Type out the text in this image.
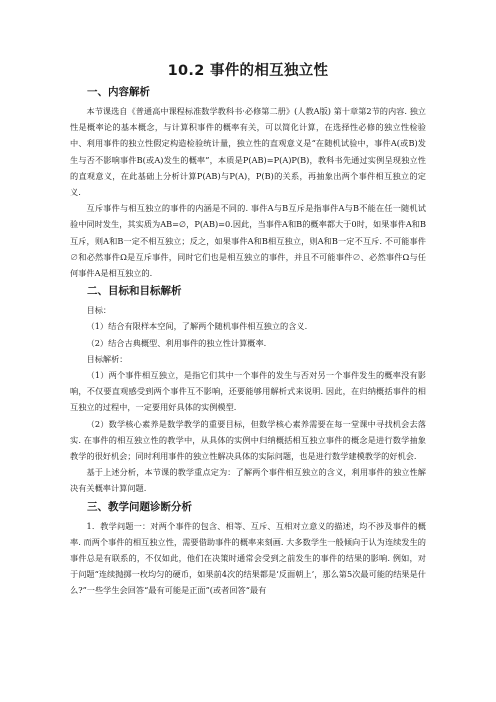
10.2 事件的相互独立性
一、内容解析

本节课选自《普通高中课程标准数学教科书·必修第二册》(人教A版) 第十章第2节的内容. 独立性是概率论的基本概念，与计算积事件的概率有关，可以简化计算，在选择性必修的独立性检验中、利用事件的独立性假定构造检验统计量，独立性的直观意义是“在随机试验中，事件A(或B)发生与否不影响事件B(或A)发生的概率”，本质是P(AB)=P(A)P(B)，教科书先通过实例呈现独立性的直观意义，在此基础上分析计算P(AB)与P(A)，P(B)的关系，再抽象出两个事件相互独立的定义.

互斥事件与相互独立的事件的内涵是不同的. 事件A与B互斥是指事件A与B不能在任一随机试验中同时发生，其实质为AB=∅，P(AB)=0.因此，当事件A和B的概率都大于0时，如果事件A和B互斥，则A和B一定不相互独立；反之，如果事件A和B相互独立，则A和B一定不互斥. 不可能事件∅和必然事件Ω是互斥事件，同时它们也是相互独立的事件，并且不可能事件∅、必然事件Ω与任何事件A是相互独立的.

二、目标和目标解析

目标：

（1）结合有限样本空间，了解两个随机事件相互独立的含义.

（2）结合古典概型、利用事件的独立性计算概率.

目标解析：

（1）两个事件相互独立，是指它们其中一个事件的发生与否对另一个事件发生的概率没有影响，不仅要直观感受到两个事件互不影响，还要能够用解析式来说明. 因此，在归纳概括事件的相互独立的过程中，一定要用好具体的实例模型.

（2）数学核心素养是数学教学的重要目标，但数学核心素养需要在每一堂课中寻找机会去落实. 在事件的相互独立性的教学中，从具体的实例中归纳概括相互独立事件的概念是进行数学抽象教学的很好机会；同时利用事件的独立性解决具体的实际问题，也是进行数学建模教学的好机会.

基于上述分析，本节课的教学重点定为：了解两个事件相互独立的含义，利用事件的独立性解决有关概率计算问题.

三、教学问题诊断分析

1．教学问题一：对两个事件的包含、相等、互斥、互相对立意义的描述，均不涉及事件的概率. 而两个事件的相互独立性，需要借助事件的概率来刻画. 大多数学生一般倾向于认为连续发生的事件总是有联系的，不仅如此，他们在决策时通常会受到之前发生的事件的结果的影响. 例如，对于问题“连续抛掷一枚均匀的硬币，如果前4次的结果都是‘反面朝上’，那么第5次最可能的结果是什么?”一些学生会回答“最有可能是正面”(或者回答“最有
